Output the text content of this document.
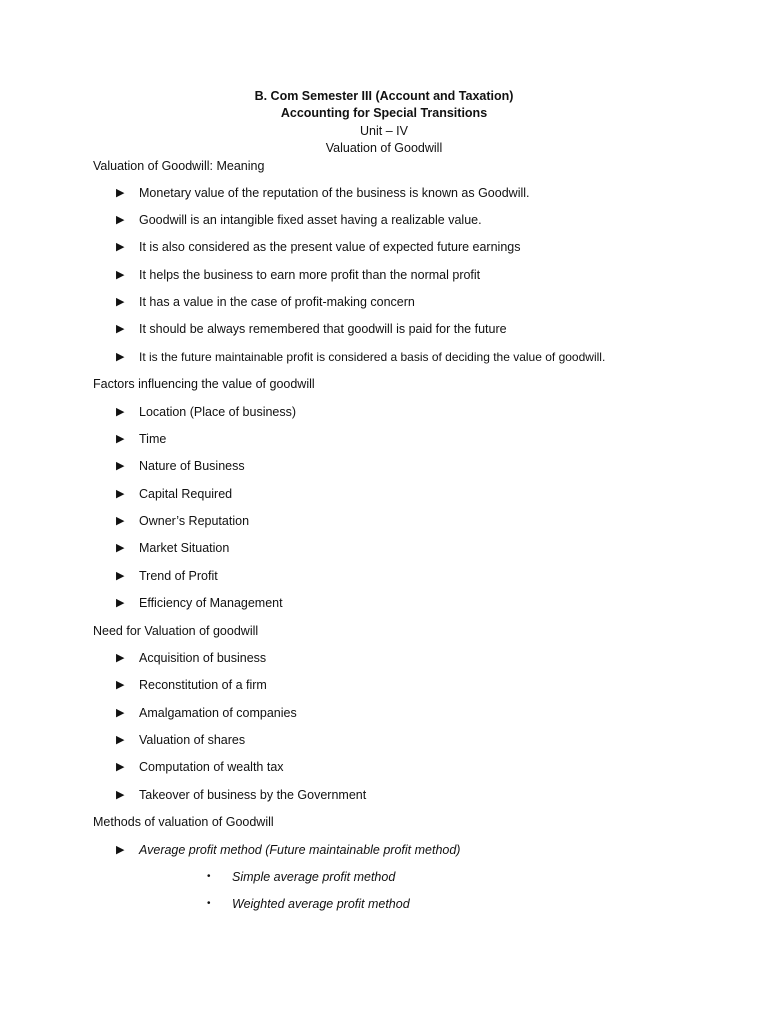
B. Com Semester III (Account and Taxation)
Accounting for Special Transitions
Unit – IV
Valuation of Goodwill
Valuation of Goodwill: Meaning
▶	Monetary value of the reputation of the business is known as Goodwill.
▶	Goodwill is an intangible fixed asset having a realizable value.
▶	It is also considered as the present value of expected future earnings
▶	It helps the business to earn more profit than the normal profit
▶	It has a value in the case of profit-making concern
▶	It should be always remembered that goodwill is paid for the future
▶	It is the future maintainable profit is considered a basis of deciding the value of goodwill.
Factors influencing the value of goodwill
▶	Location (Place of business)
▶	Time
▶	Nature of Business
▶	Capital Required
▶	Owner’s Reputation
▶	Market Situation
▶	Trend of Profit
▶	Efficiency of Management
Need for Valuation of goodwill
▶	Acquisition of business
▶	Reconstitution of a firm
▶	Amalgamation of companies
▶	Valuation of shares
▶	Computation of wealth tax
▶	Takeover of business by the Government
Methods of valuation of Goodwill
▶	Average profit method (Future maintainable profit method)
• Simple average profit method
• Weighted average profit method
